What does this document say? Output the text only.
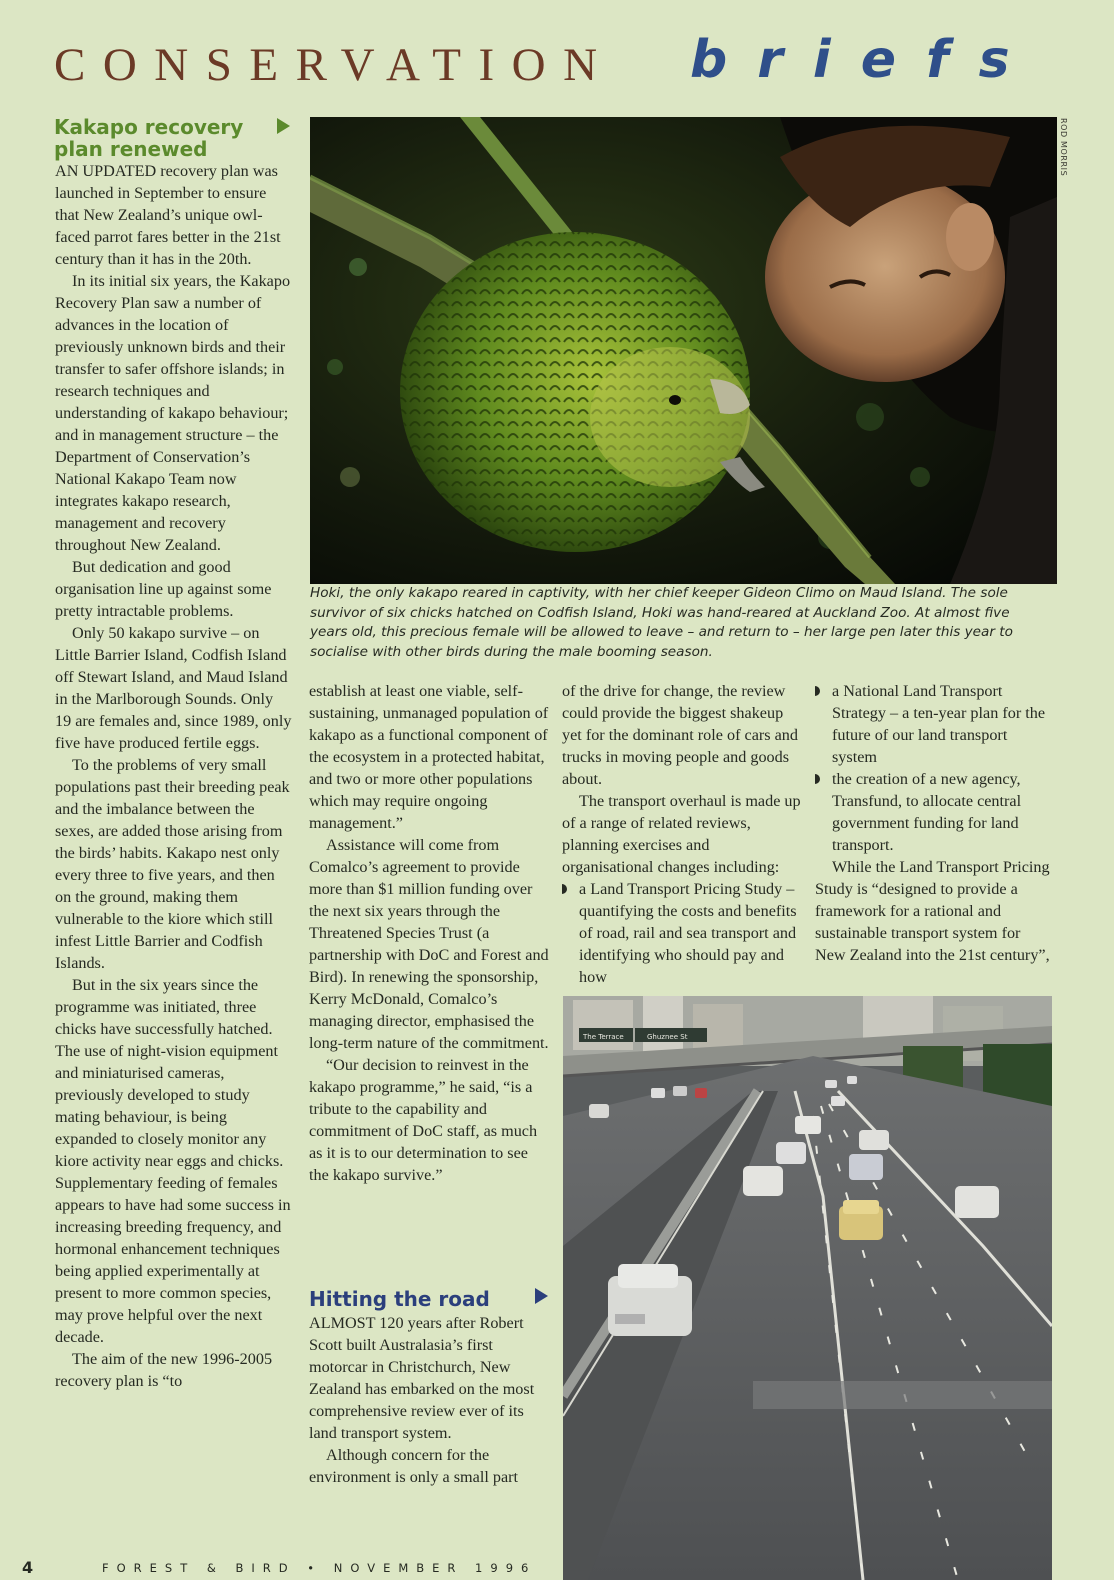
CONSERVATION briefs
Kakapo recovery plan renewed

AN UPDATED recovery plan was launched in September to ensure that New Zealand’s unique owl-faced parrot fares better in the 21st century than it has in the 20th.

In its initial six years, the Kakapo Recovery Plan saw a number of advances in the location of previously unknown birds and their transfer to safer offshore islands; in research techniques and understanding of kakapo behaviour; and in management structure – the Department of Conservation’s National Kakapo Team now integrates kakapo research, management and recovery throughout New Zealand.

But dedication and good organisation line up against some pretty intractable problems.

Only 50 kakapo survive – on Little Barrier Island, Codfish Island off Stewart Island, and Maud Island in the Marlborough Sounds. Only 19 are females and, since 1989, only five have produced fertile eggs.

To the problems of very small populations past their breeding peak and the imbalance between the sexes, are added those arising from the birds’ habits. Kakapo nest only every three to five years, and then on the ground, making them vulnerable to the kiore which still infest Little Barrier and Codfish Islands.

But in the six years since the programme was initiated, three chicks have successfully hatched. The use of night-vision equipment and miniaturised cameras, previously developed to study mating behaviour, is being expanded to closely monitor any kiore activity near eggs and chicks. Supplementary feeding of females appears to have had some success in increasing breeding frequency, and hormonal enhancement techniques being applied experimentally at present to more common species, may prove helpful over the next decade.

The aim of the new 1996-2005 recovery plan is “to

ROD MORRIS
Hoki, the only kakapo reared in captivity, with her chief keeper Gideon Climo on Maud Island. The sole survivor of six chicks hatched on Codfish Island, Hoki was hand-reared at Auckland Zoo. At almost five years old, this precious female will be allowed to leave – and return to – her large pen later this year to socialise with other birds during the male booming season.

establish at least one viable, self-sustaining, unmanaged population of kakapo as a functional component of the ecosystem in a protected habitat, and two or more other populations which may require ongoing management.”

Assistance will come from Comalco’s agreement to provide more than $1 million funding over the next six years through the Threatened Species Trust (a partnership with DoC and Forest and Bird). In renewing the sponsorship, Kerry McDonald, Comalco’s managing director, emphasised the long-term nature of the commitment.

“Our decision to reinvest in the kakapo programme,” he said, “is a tribute to the capability and commitment of DoC staff, as much as it is to our determination to see the kakapo survive.”

Hitting the road

ALMOST 120 years after Robert Scott built Australasia’s first motorcar in Christchurch, New Zealand has embarked on the most comprehensive review ever of its land transport system.

Although concern for the environment is only a small part

of the drive for change, the review could provide the biggest shakeup yet for the dominant role of cars and trucks in moving people and goods about.

The transport overhaul is made up of a range of related reviews, planning exercises and organisational changes including:

a Land Transport Pricing Study – quantifying the costs and benefits of road, rail and sea transport and identifying who should pay and how
a National Land Transport Strategy – a ten-year plan for the future of our land transport system
the creation of a new agency, Transfund, to allocate central government funding for land transport.

While the Land Transport Pricing Study is “designed to provide a framework for a rational and sustainable transport system for New Zealand into the 21st century”,

The Terrace	Ghuznee St
4	FOREST & BIRD • NOVEMBER 1996
